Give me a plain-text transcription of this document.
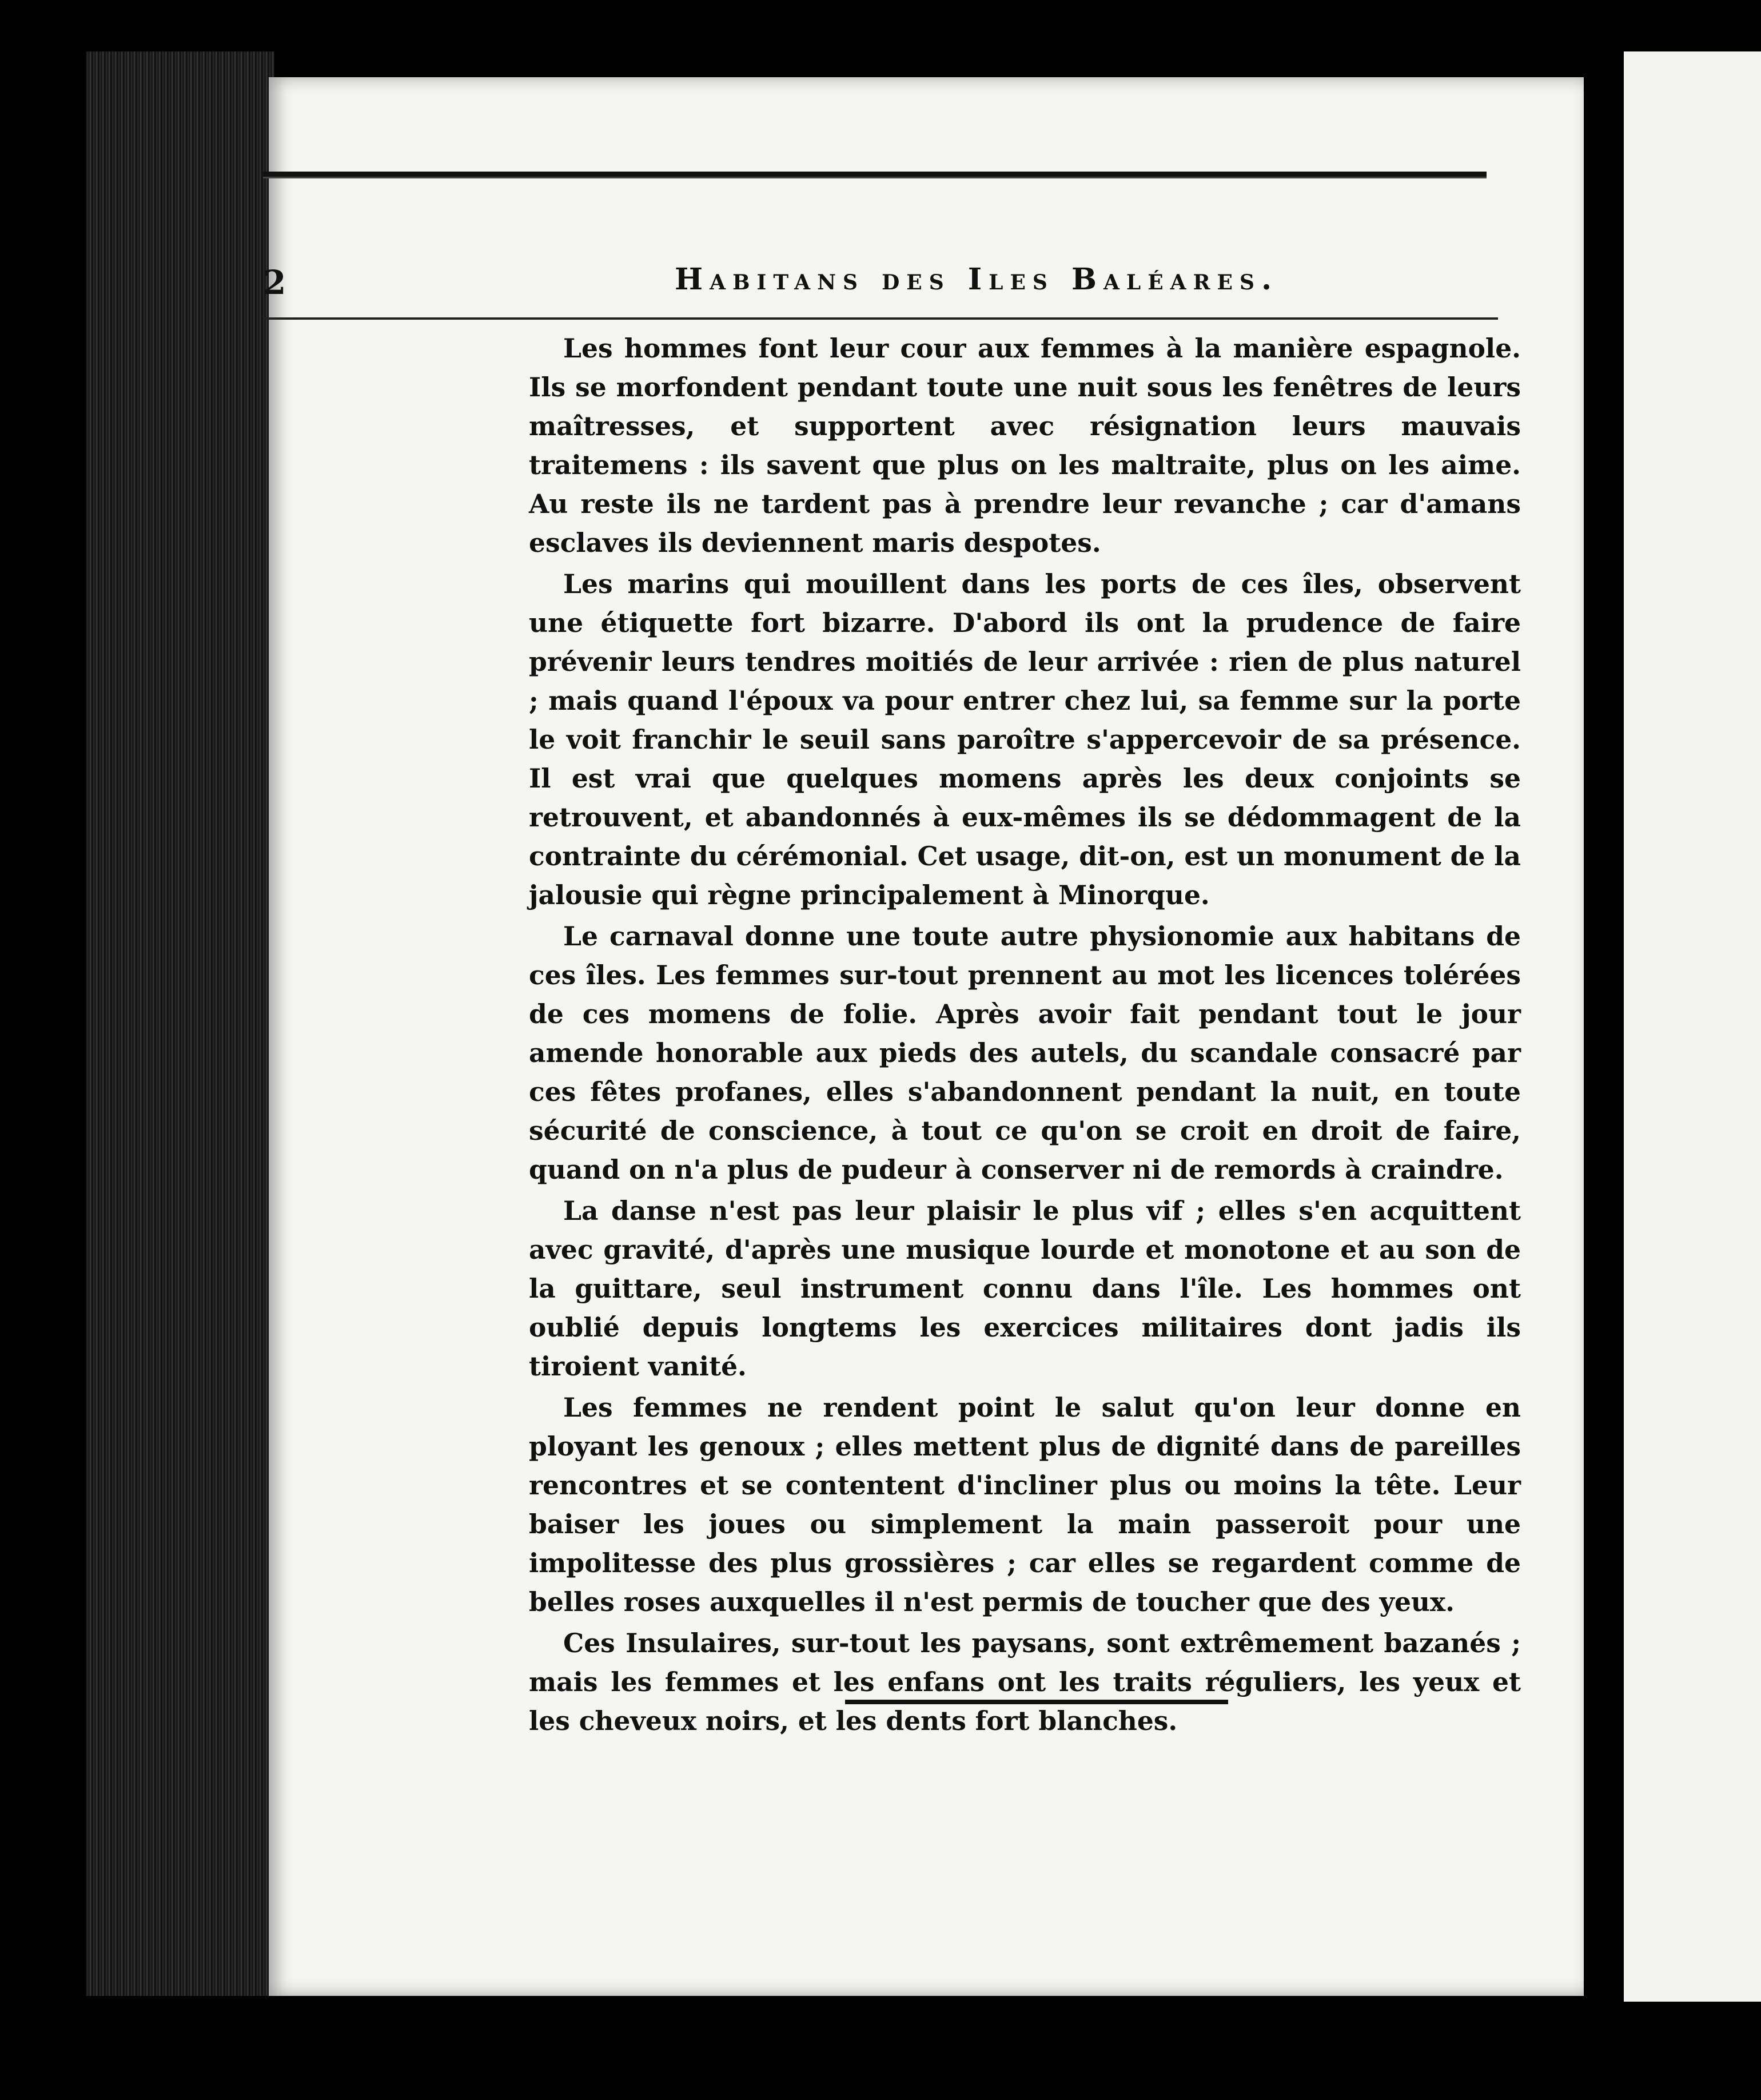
2	Habitans des Iles Baléares.

Les hommes font leur cour aux femmes à la manière espagnole. Ils se morfondent pendant toute une nuit sous les fenêtres de leurs maîtresses, et supportent avec résignation leurs mauvais traitemens : ils savent que plus on les maltraite, plus on les aime. Au reste ils ne tardent pas à prendre leur revanche ; car d'amans esclaves ils deviennent maris despotes.

Les marins qui mouillent dans les ports de ces îles, observent une étiquette fort bizarre. D'abord ils ont la prudence de faire prévenir leurs tendres moitiés de leur arrivée : rien de plus naturel ; mais quand l'époux va pour entrer chez lui, sa femme sur la porte le voit franchir le seuil sans paroître s'appercevoir de sa présence. Il est vrai que quelques momens après les deux conjoints se retrouvent, et abandonnés à eux-mêmes ils se dédommagent de la contrainte du cérémonial. Cet usage, dit-on, est un monument de la jalousie qui règne principalement à Minorque.

Le carnaval donne une toute autre physionomie aux habitans de ces îles. Les femmes sur-tout prennent au mot les licences tolérées de ces momens de folie. Après avoir fait pendant tout le jour amende honorable aux pieds des autels, du scandale consacré par ces fêtes profanes, elles s'abandonnent pendant la nuit, en toute sécurité de conscience, à tout ce qu'on se croit en droit de faire, quand on n'a plus de pudeur à conserver ni de remords à craindre.

La danse n'est pas leur plaisir le plus vif ; elles s'en acquittent avec gravité, d'après une musique lourde et monotone et au son de la guittare, seul instrument connu dans l'île. Les hommes ont oublié depuis longtems les exercices militaires dont jadis ils tiroient vanité.

Les femmes ne rendent point le salut qu'on leur donne en ployant les genoux ; elles mettent plus de dignité dans de pareilles rencontres et se contentent d'incliner plus ou moins la tête. Leur baiser les joues ou simplement la main passeroit pour une impolitesse des plus grossières ; car elles se regardent comme de belles roses auxquelles il n'est permis de toucher que des yeux.

Ces Insulaires, sur-tout les paysans, sont extrêmement bazanés ; mais les femmes et les enfans ont les traits réguliers, les yeux et les cheveux noirs, et les dents fort blanches.
